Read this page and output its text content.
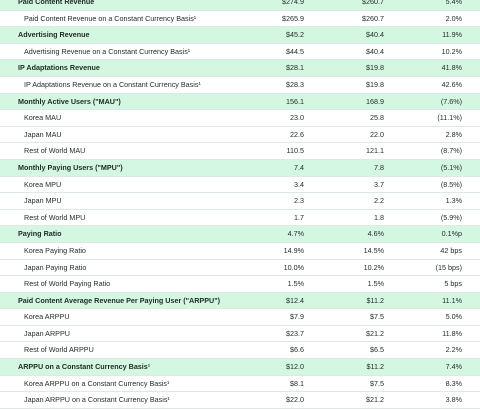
Paid Content Revenue	$274.9	$260.7	5.4%
Paid Content Revenue on a Constant Currency Basis¹	$265.9	$260.7	2.0%
Advertising Revenue	$45.2	$40.4	11.9%
Advertising Revenue on a Constant Currency Basis¹	$44.5	$40.4	10.2%
IP Adaptations Revenue	$28.1	$19.8	41.8%
IP Adaptations Revenue on a Constant Currency Basis¹	$28.3	$19.8	42.6%
Monthly Active Users ("MAU")	156.1	168.9	(7.6%)
Korea MAU	23.0	25.8	(11.1%)
Japan MAU	22.6	22.0	2.8%
Rest of World MAU	110.5	121.1	(8.7%)
Monthly Paying Users ("MPU")	7.4	7.8	(5.1%)
Korea MPU	3.4	3.7	(8.5%)
Japan MPU	2.3	2.2	1.3%
Rest of World MPU	1.7	1.8	(5.9%)
Paying Ratio	4.7%	4.6%	0.1%p
Korea Paying Ratio	14.9%	14.5%	42 bps
Japan Paying Ratio	10.0%	10.2%	(15 bps)
Rest of World Paying Ratio	1.5%	1.5%	5 bps
Paid Content Average Revenue Per Paying User ("ARPPU")	$12.4	$11.2	11.1%
Korea ARPPU	$7.9	$7.5	5.0%
Japan ARPPU	$23.7	$21.2	11.8%
Rest of World ARPPU	$6.6	$6.5	2.2%
ARPPU on a Constant Currency Basis¹	$12.0	$11.2	7.4%
Korea ARPPU on a Constant Currency Basis¹	$8.1	$7.5	8.3%
Japan ARPPU on a Constant Currency Basis¹	$22.0	$21.2	3.8%
